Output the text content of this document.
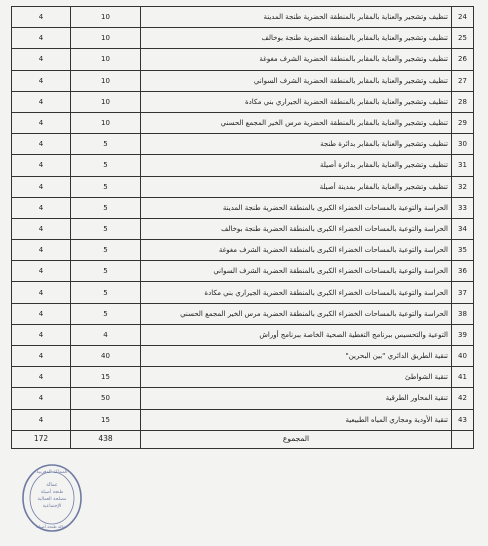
4	10	تنظيف وتشجير والعناية بالمقابر بالمنطقة الحضرية طنجة المدينة	24
4	10	تنظيف وتشجير والعناية بالمقابر بالمنطقة الحضرية طنجة بوخالف	25
4	10	تنظيف وتشجير والعناية بالمقابر بالمنطقة الحضرية الشرف مغوغة	26
4	10	تنظيف وتشجير والعناية بالمقابر بالمنطقة الحضرية الشرف السواني	27
4	10	تنظيف وتشجير والعناية بالمقابر بالمنطقة الحضرية الجيراري بني مكادة	28
4	10	تنظيف وتشجير والعناية بالمقابر بالمنطقة الحضرية مرس الخير المجمع الحسني	29
4	5	تنظيف وتشجير والعناية بالمقابر بدائرة طنجة	30
4	5	تنظيف وتشجير والعناية بالمقابر بدائرة أصيلة	31
4	5	تنظيف وتشجير والعناية بالمقابر بمدينة أصيلة	32
4	5	الحراسة والتوعية بالمساحات الخضراء الكبرى بالمنطقة الحضرية طنجة المدينة	33
4	5	الحراسة والتوعية بالمساحات الخضراء الكبرى بالمنطقة الحضرية طنجة بوخالف	34
4	5	الحراسة والتوعية بالمساحات الخضراء الكبرى بالمنطقة الحضرية الشرف مغوغة	35
4	5	الحراسة والتوعية بالمساحات الخضراء الكبرى بالمنطقة الحضرية الشرف السواني	36
4	5	الحراسة والتوعية بالمساحات الخضراء الكبرى بالمنطقة الحضرية الجيراري بني مكادة	37
4	5	الحراسة والتوعية بالمساحات الخضراء الكبرى بالمنطقة الحضرية مرس الخير المجمع الحسني	38
4	4	التوعية والتحسيس ببرنامج التغطية الصحية الخاصة ببرنامج أوراش	39
4	40	تنقية الطريق الدائري "بين البحرين"	40
4	15	تنقية الشواطئ	41
4	50	تنقية المحاور الطرقية	42
4	15	تنقية الأودية ومجاري المياه الطبيعية	43
172	438	المجموع	
المملكة المغربية
عمالة
طنجة أصيلة
مصلحة العمالية
الإجتماعية
عمالة طنجة أصيلة
